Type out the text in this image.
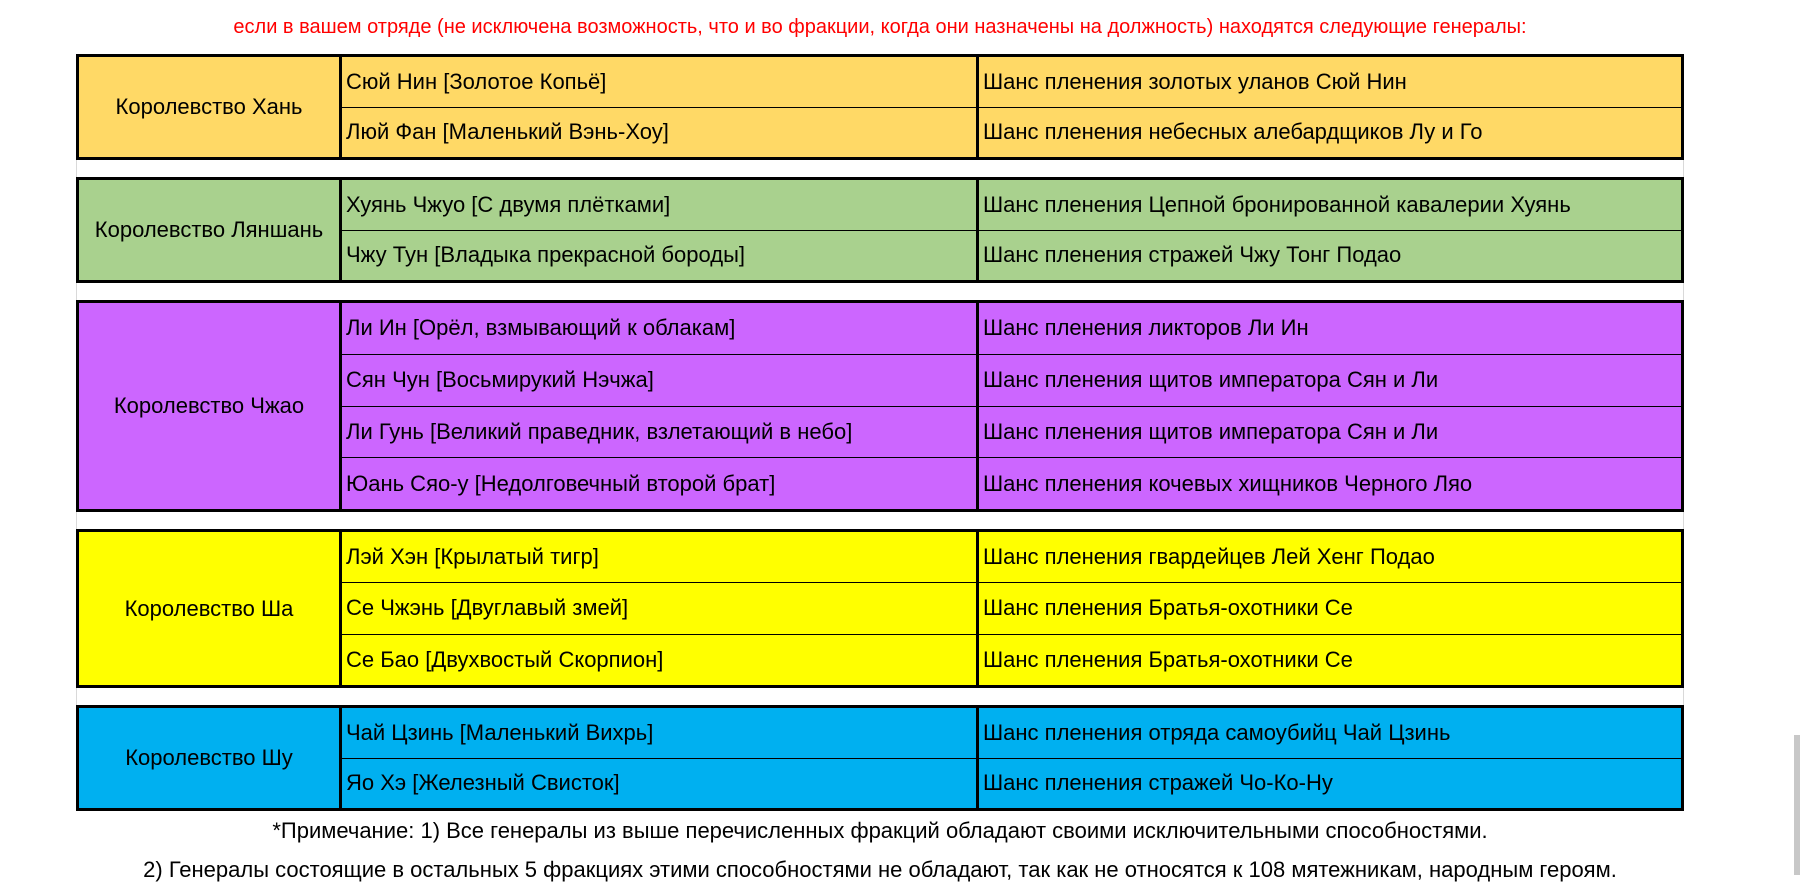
если в вашем отряде (не исключена возможность, что и во фракции, когда они назначены на должность) находятся следующие генералы:
Королевство Хань
Сюй Нин [Золотое Копьё]	Шанс пленения золотых уланов Сюй Нин
Люй Фан [Маленький Вэнь-Хоу]	Шанс пленения небесных алебардщиков Лу и Го
Королевство Ляншань
Хуянь Чжуо [С двумя плётками]	Шанс пленения Цепной бронированной кавалерии Хуянь
Чжу Тун [Владыка прекрасной бороды]	Шанс пленения стражей Чжу Тонг Подао
Королевство Чжао
Ли Ин [Орёл, взмывающий к облакам]	Шанс пленения ликторов Ли Ин
Сян Чун [Восьмирукий Нэчжа]	Шанс пленения щитов императора Сян и Ли
Ли Гунь [Великий праведник, взлетающий в небо]	Шанс пленения щитов императора Сян и Ли
Юань Сяо-у [Недолговечный второй брат]	Шанс пленения кочевых хищников Черного Ляо
Королевство Ша
Лэй Хэн [Крылатый тигр]	Шанс пленения гвардейцев Лей Хенг Подао
Се Чжэнь [Двуглавый змей]	Шанс пленения Братья-охотники Се
Се Бао [Двухвостый Скорпион]	Шанс пленения Братья-охотники Се
Королевство Шу
Чай Цзинь [Маленький Вихрь]	Шанс пленения отряда самоубийц Чай Цзинь
Яо Хэ [Железный Свисток]	Шанс пленения стражей Чо-Ко-Ну
*Примечание: 1) Все генералы из выше перечисленных фракций обладают своими исключительными способностями.
2) Генералы состоящие в остальных 5 фракциях этими способностями не обладают, так как не относятся к 108 мятежникам, народным героям.
